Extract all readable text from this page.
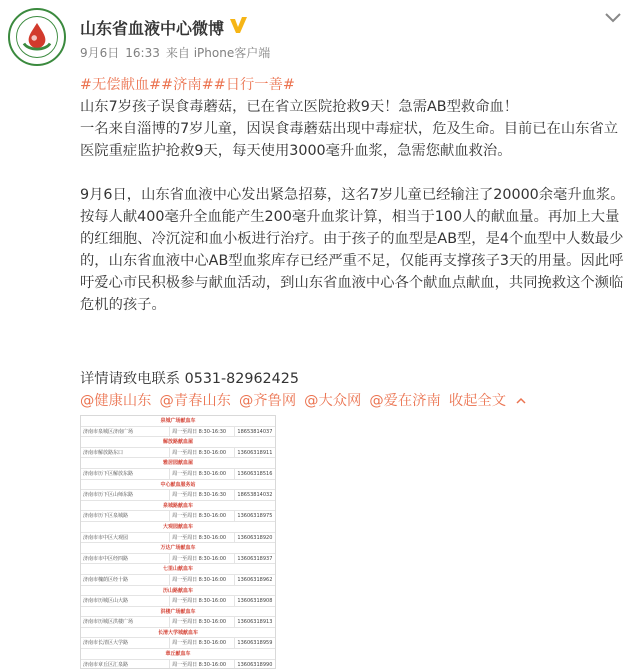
山东省血液中心微博
9月6日 16:33 来自 iPhone客户端
#无偿献血##济南##日行一善#
山东7岁孩子误食毒蘑菇，已在省立医院抢救9天！急需AB型救命血！
一名来自淄博的7岁儿童，因误食毒蘑菇出现中毒症状，危及生命。目前已在山东省立医院重症监护抢救9天，每天使用3000毫升血浆，急需您献血救治。
9月6日，山东省血液中心发出紧急招募，这名7岁儿童已经输注了20000余毫升血浆。按每人献400毫升全血能产生200毫升血浆计算，相当于100人的献血量。再加上大量的红细胞、冷沉淀和血小板进行治疗。由于孩子的血型是AB型，是4个血型中人数最少的，山东省血液中心AB型血浆库存已经严重不足，仅能再支撑孩子3天的用量。因此呼吁爱心市民积极参与献血活动，到山东省血液中心各个献血点献血，共同挽救这个濒临危机的孩子。
详情请致电联系 0531-82962425
@健康山东 @青春山东 @齐鲁网 @大众网 @爱在济南 收起全文
泉城广场献血车
济南市泉城区济南广场	周一至周日 8:30-16:30	18653814037
解放路献血屋
济南市解放路东口	周一至周日 8:30-16:00	13606318911
雅居园献血屋
济南市历下区解放东路	周一至周日 8:30-16:00	13606318516
中心献血服务站
济南市历下区山师东路	周一至周日 8:30-16:30	18653814032
泉城路献血车
济南市历下区泉城路	周一至周日 8:30-16:00	13606318975
大观园献血车
济南市市中区大观园	周一至周日 8:30-16:00	13606318920
万达广场献血车
济南市市中区经四路	周一至周日 8:30-16:00	13606318937
七里山献血车
济南市槐荫区经十路	周一至周日 8:30-16:00	13606318962
历山路献血车
济南市历城区山大路	周一至周日 8:30-16:00	13606318908
洪楼广场献血车
济南市历城区洪楼广场	周一至周日 8:30-16:00	13606318913
长清大学城献血车
济南市长清区大学路	周一至周日 8:30-16:00	13606318959
章丘献血车
济南市章丘区汇泉路	周一至周日 8:30-16:00	13606318990
